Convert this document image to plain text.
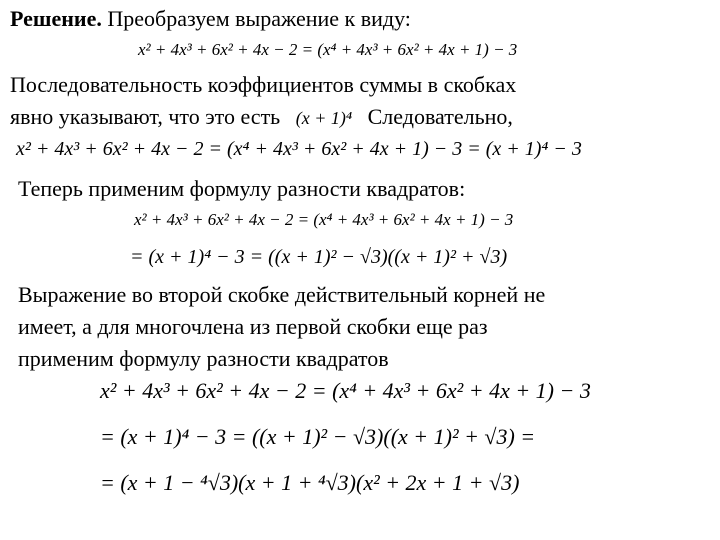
Решение. Преобразуем выражение к виду:
x² + 4x³ + 6x² + 4x − 2 = (x⁴ + 4x³ + 6x² + 4x + 1) − 3
Последовательность коэффициентов суммы в скобках
явно указывают, что это есть (x + 1)⁴ Следовательно,
x² + 4x³ + 6x² + 4x − 2 = (x⁴ + 4x³ + 6x² + 4x + 1) − 3 = (x + 1)⁴ − 3
Теперь применим формулу разности квадратов:
x² + 4x³ + 6x² + 4x − 2 = (x⁴ + 4x³ + 6x² + 4x + 1) − 3
= (x + 1)⁴ − 3 = ((x + 1)² − √3)((x + 1)² + √3)
Выражение во второй скобке действительный корней не
имеет, а для многочлена из первой скобки еще раз
применим формулу разности квадратов
x² + 4x³ + 6x² + 4x − 2 = (x⁴ + 4x³ + 6x² + 4x + 1) − 3
= (x + 1)⁴ − 3 = ((x + 1)² − √3)((x + 1)² + √3) =
= (x + 1 − ⁴√3)(x + 1 + ⁴√3)(x² + 2x + 1 + √3)
